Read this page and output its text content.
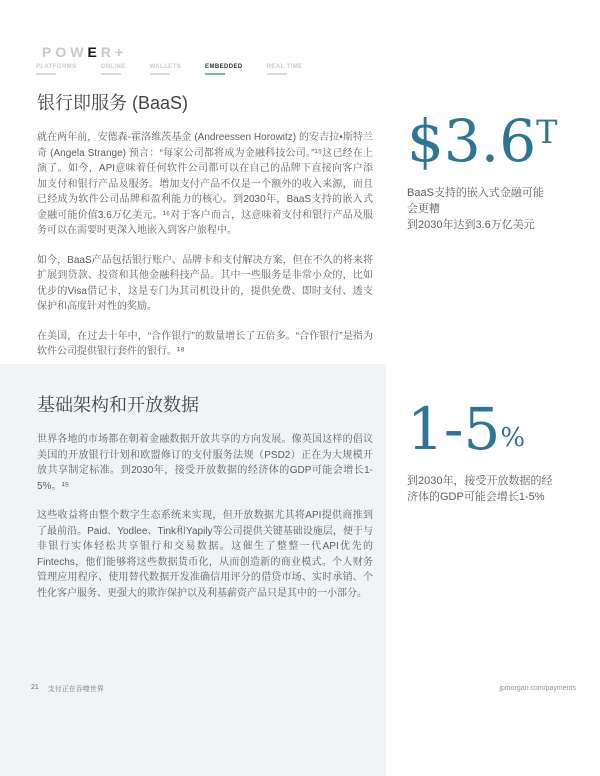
POWER+
PLATFORMS	ONLINE	WALLETS	EMBEDDED	REAL TIME
银行即服务 (BaaS)

就在两年前，安德森-霍洛维茨基金 (Andreessen Horowitz) 的安吉拉•斯特兰奇 (Angela Strange) 预言：“每家公司都将成为金融科技公司。”¹⁵这已经在上演了。如今，API意味着任何软件公司都可以在自己的品牌下直接向客户添加支付和银行产品及服务。增加支付产品不仅是一个额外的收入来源，而且已经成为软件公司品牌和盈利能力的核心。到2030年，BaaS支持的嵌入式金融可能价值3.6万亿美元。¹⁶对于客户而言，这意味着支付和银行产品及服务可以在需要时更深入地嵌入到客户旅程中。

如今，BaaS产品包括银行账户、品牌卡和支付解决方案，但在不久的将来将扩展到贷款、投资和其他金融科技产品。其中一些服务是非常小众的，比如优步的Visa借记卡，这是专门为其司机设计的，提供免费、即时支付、透支保护和高度针对性的奖励。

在美国，在过去十年中，“合作银行”的数量增长了五倍多。“合作银行”是指为软件公司提供银行套件的银行。¹⁸

$\$3.6^T$
BaaS支持的嵌入式金融可能
会更糟
到2030年达到3.6万亿美元
基础架构和开放数据

世界各地的市场都在朝着金融数据开放共享的方向发展。像英国这样的倡议美国的开放银行计划和欧盟修订的支付服务法规（PSD2）正在为大规模开放共享制定标准。到2030年，接受开放数据的经济体的GDP可能会增长1-5%。¹⁹

这些收益将由整个数字生态系统来实现，但开放数据尤其将API提供商推到了最前沿。Paid、Yodlee、Tink和Yapily等公司提供关键基础设施层，便于与非银行实体轻松共享银行和交易数据。这催生了整整一代API优先的Fintechs，他们能够将这些数据货币化，从而创造新的商业模式。个人财务管理应用程序、使用替代数据开发准确信用评分的借贷市场、实时承销、个性化客户服务、更强大的欺诈保护以及利基薪资产品只是其中的一小部分。

1-5%
到2030年，接受开放数据的经
济体的GDP可能会增长1-5%
21 支付正在吞噬世界	jpmorgan.com/payments
